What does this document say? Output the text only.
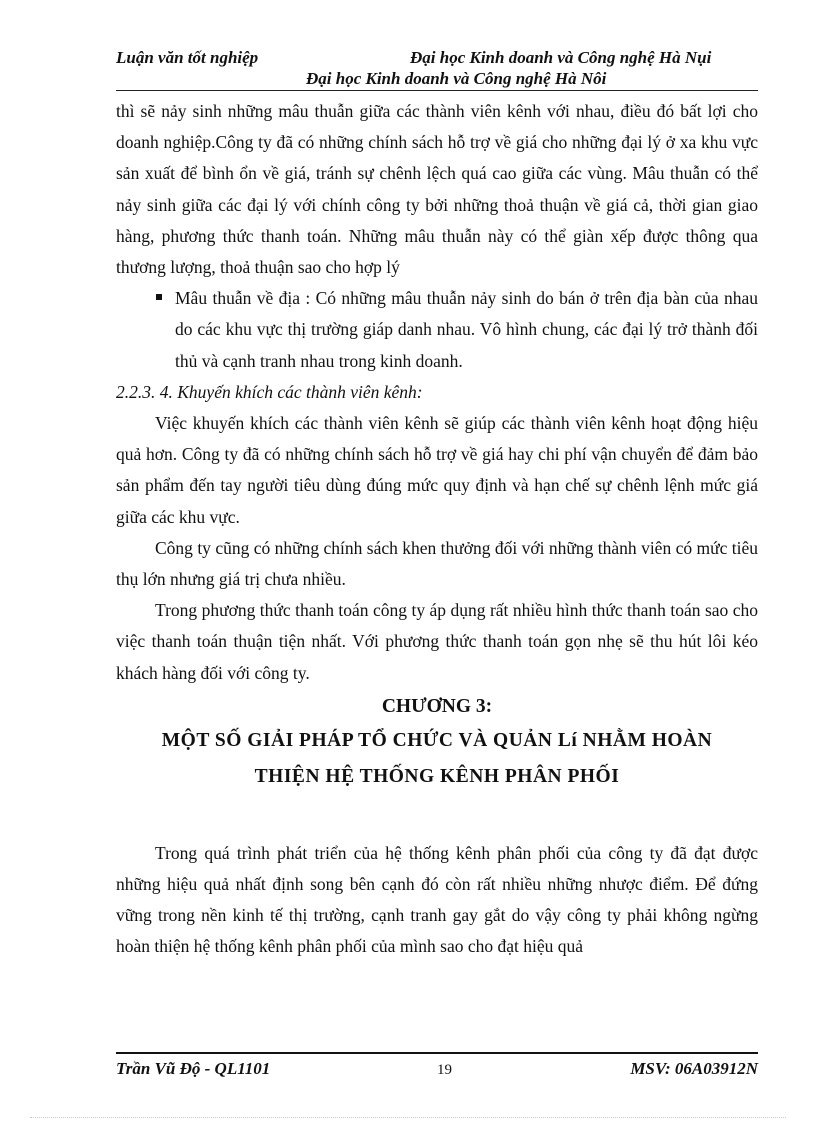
Luận văn tốt nghiệp	Đại học Kinh doanh và Công nghệ Hà Nụi
Đại học Kinh doanh và Công nghệ Hà Nôi

thì sẽ nảy sinh những mâu thuẫn giữa các thành viên kênh với nhau, điều đó bất lợi cho doanh nghiệp.Công ty đã có những chính sách hỗ trợ về giá cho những đại lý ở xa khu vực sản xuất để bình ổn về giá, tránh sự chênh lệch quá cao giữa các vùng. Mâu thuẫn có thể nảy sinh giữa các đại lý với chính công ty bởi những thoả thuận về giá cả, thời gian giao hàng, phương thức thanh toán. Những mâu thuẫn này có thể giàn xếp được thông qua thương lượng, thoả thuận sao cho hợp lý

Mâu thuẫn về địa : Có những mâu thuẫn nảy sinh do bán ở trên địa bàn của nhau do các khu vực thị trường giáp danh nhau. Vô hình chung, các đại lý trở thành đối thủ và cạnh tranh nhau trong kinh doanh.

2.2.3. 4. Khuyến khích các thành viên kênh:

Việc khuyến khích các thành viên kênh sẽ giúp các thành viên kênh hoạt động hiệu quả hơn. Công ty đã có những chính sách hỗ trợ về giá hay chi phí vận chuyển để đảm bảo sản phẩm đến tay người tiêu dùng đúng mức quy định và hạn chế sự chênh lệnh mức giá giữa các khu vực.

Công ty cũng có những chính sách khen thưởng đối với những thành viên có mức tiêu thụ lớn nhưng giá trị chưa nhiều.

Trong phương thức thanh toán công ty áp dụng rất nhiều hình thức thanh toán sao cho việc thanh toán thuận tiện nhất. Với phương thức thanh toán gọn nhẹ sẽ thu hút lôi kéo khách hàng đối với công ty.

CHƯƠNG 3:

MỘT SỐ GIẢI PHÁP TỔ CHỨC VÀ QUẢN Lí NHẰM HOÀN

THIỆN HỆ THỐNG KÊNH PHÂN PHỐI

Trong quá trình phát triển của hệ thống kênh phân phối của công ty đã đạt được những hiệu quả nhất định song bên cạnh đó còn rất nhiều những nhược điểm. Để đứng vững trong nền kinh tế thị trường, cạnh tranh gay gắt do vậy công ty phải không ngừng hoàn thiện hệ thống kênh phân phối của mình sao cho đạt hiệu quả

Trần Vũ Độ - QL1101	19	MSV: 06A03912N
